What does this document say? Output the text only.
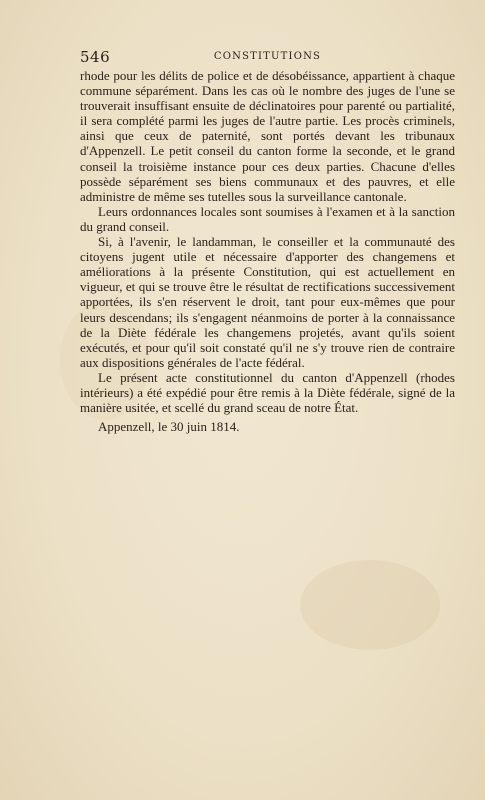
546	CONSTITUTIONS

rhode pour les délits de police et de désobéissance, appartient à chaque commune séparément. Dans les cas où le nombre des juges de l'une se trouverait insuffisant ensuite de déclinatoires pour parenté ou partialité, il sera complété parmi les juges de l'autre partie. Les procès criminels, ainsi que ceux de paternité, sont portés devant les tribunaux d'Appenzell. Le petit conseil du canton forme la seconde, et le grand conseil la troisième instance pour ces deux parties. Chacune d'elles possède séparément ses biens communaux et des pauvres, et elle administre de même ses tutelles sous la surveillance cantonale.

Leurs ordonnances locales sont soumises à l'examen et à la sanction du grand conseil.

Si, à l'avenir, le landamman, le conseiller et la communauté des citoyens jugent utile et nécessaire d'apporter des changemens et améliorations à la présente Constitution, qui est actuellement en vigueur, et qui se trouve être le résultat de rectifications successivement apportées, ils s'en réservent le droit, tant pour eux-mêmes que pour leurs descendans; ils s'engagent néanmoins de porter à la connaissance de la Diète fédérale les changemens projetés, avant qu'ils soient exécutés, et pour qu'il soit constaté qu'il ne s'y trouve rien de contraire aux dispositions générales de l'acte fédéral.

Le présent acte constitutionnel du canton d'Appenzell (rhodes intérieurs) a été expédié pour être remis à la Diète fédérale, signé de la manière usitée, et scellé du grand sceau de notre État.

Appenzell, le 30 juin 1814.
